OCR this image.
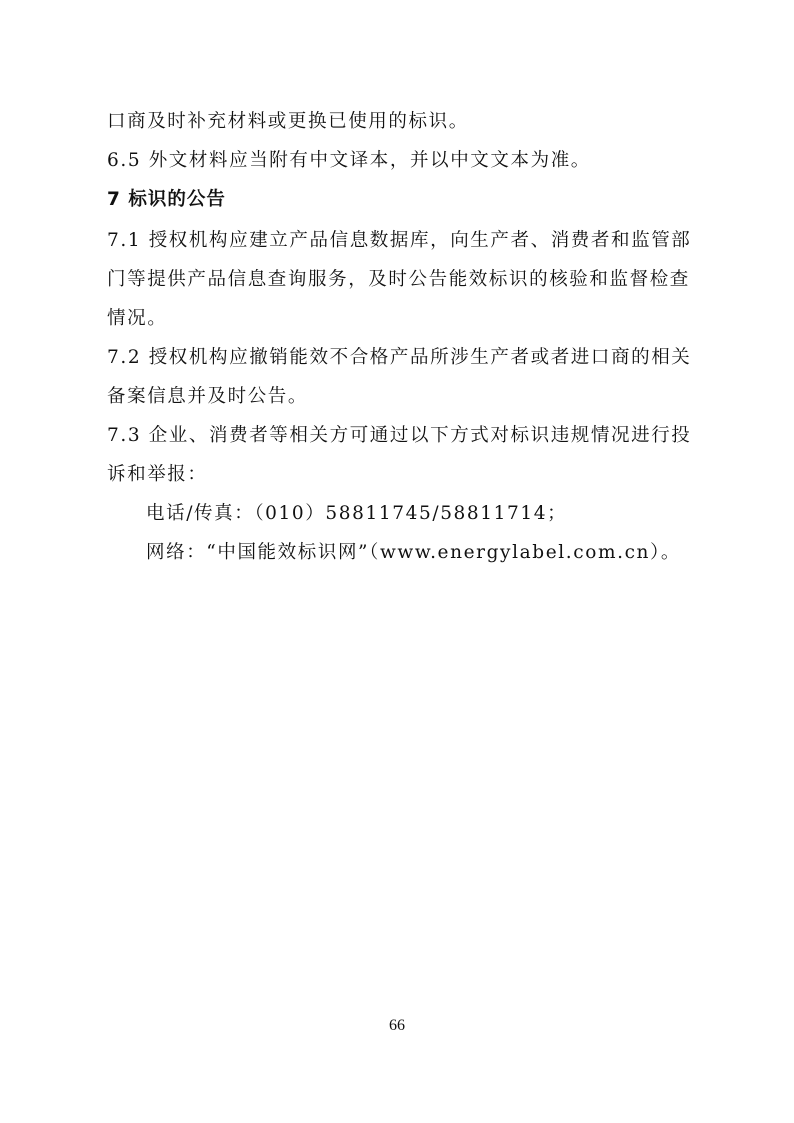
口商及时补充材料或更换已使用的标识。
6.5 外文材料应当附有中文译本，并以中文文本为准。
7 标识的公告
7.1 授权机构应建立产品信息数据库，向生产者、消费者和监管部
门等提供产品信息查询服务，及时公告能效标识的核验和监督检查
情况。
7.2 授权机构应撤销能效不合格产品所涉生产者或者进口商的相关
备案信息并及时公告。
7.3 企业、消费者等相关方可通过以下方式对标识违规情况进行投
诉和举报：
电话/传真：（010）58811745/58811714；
网络：“中国能效标识网”（www.energylabel.com.cn）。
66
